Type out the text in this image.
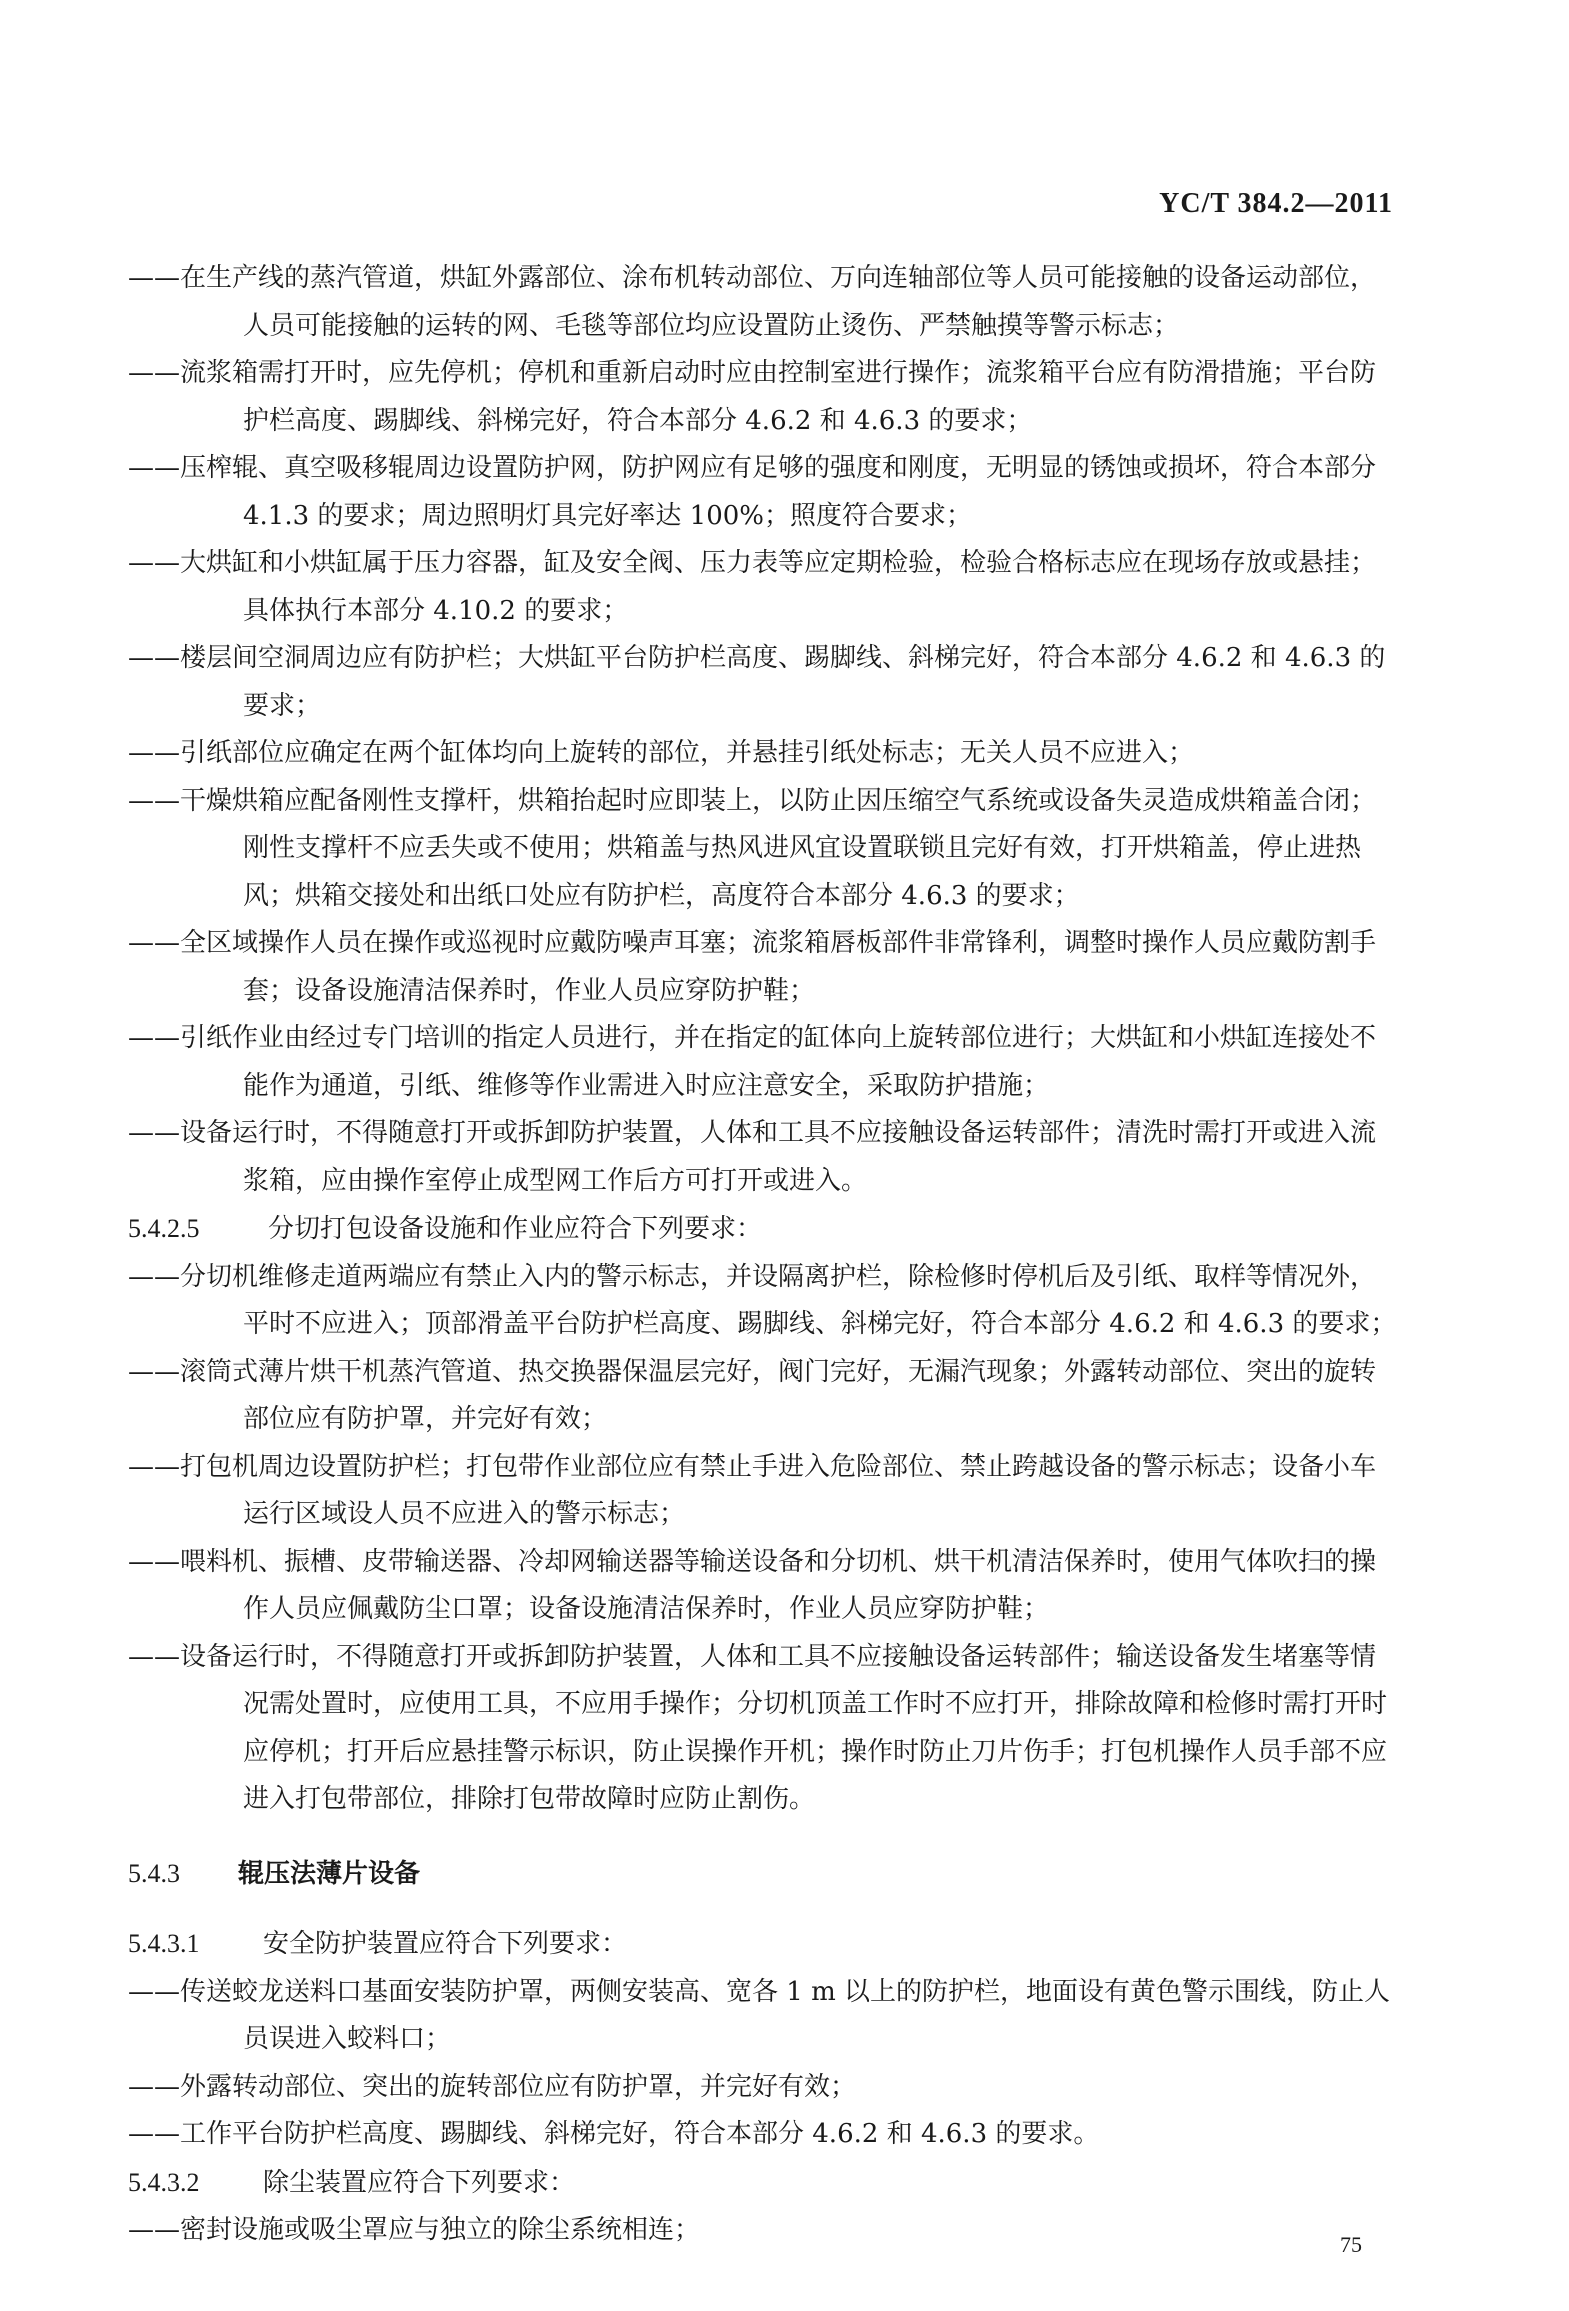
YC/T 384.2—2011

——在生产线的蒸汽管道，烘缸外露部位、涂布机转动部位、万向连轴部位等人员可能接触的设备运动部位，人员可能接触的运转的网、毛毯等部位均应设置防止烫伤、严禁触摸等警示标志；

——流浆箱需打开时，应先停机；停机和重新启动时应由控制室进行操作；流浆箱平台应有防滑措施；平台防护栏高度、踢脚线、斜梯完好，符合本部分 4.6.2 和 4.6.3 的要求；

——压榨辊、真空吸移辊周边设置防护网，防护网应有足够的强度和刚度，无明显的锈蚀或损坏，符合本部分 4.1.3 的要求；周边照明灯具完好率达 100%；照度符合要求；

——大烘缸和小烘缸属于压力容器，缸及安全阀、压力表等应定期检验，检验合格标志应在现场存放或悬挂；具体执行本部分 4.10.2 的要求；

——楼层间空洞周边应有防护栏；大烘缸平台防护栏高度、踢脚线、斜梯完好，符合本部分 4.6.2 和 4.6.3 的要求；

——引纸部位应确定在两个缸体均向上旋转的部位，并悬挂引纸处标志；无关人员不应进入；

——干燥烘箱应配备刚性支撑杆，烘箱抬起时应即装上，以防止因压缩空气系统或设备失灵造成烘箱盖合闭；刚性支撑杆不应丢失或不使用；烘箱盖与热风进风宜设置联锁且完好有效，打开烘箱盖，停止进热风；烘箱交接处和出纸口处应有防护栏，高度符合本部分 4.6.3 的要求；

——全区域操作人员在操作或巡视时应戴防噪声耳塞；流浆箱唇板部件非常锋利，调整时操作人员应戴防割手套；设备设施清洁保养时，作业人员应穿防护鞋；

——引纸作业由经过专门培训的指定人员进行，并在指定的缸体向上旋转部位进行；大烘缸和小烘缸连接处不能作为通道，引纸、维修等作业需进入时应注意安全，采取防护措施；

——设备运行时，不得随意打开或拆卸防护装置，人体和工具不应接触设备运转部件；清洗时需打开或进入流浆箱，应由操作室停止成型网工作后方可打开或进入。

5.4.2.5	分切打包设备设施和作业应符合下列要求：

——分切机维修走道两端应有禁止入内的警示标志，并设隔离护栏，除检修时停机后及引纸、取样等情况外，平时不应进入；顶部滑盖平台防护栏高度、踢脚线、斜梯完好，符合本部分 4.6.2 和 4.6.3 的要求；

——滚筒式薄片烘干机蒸汽管道、热交换器保温层完好，阀门完好，无漏汽现象；外露转动部位、突出的旋转部位应有防护罩，并完好有效；

——打包机周边设置防护栏；打包带作业部位应有禁止手进入危险部位、禁止跨越设备的警示标志；设备小车运行区域设人员不应进入的警示标志；

——喂料机、振槽、皮带输送器、冷却网输送器等输送设备和分切机、烘干机清洁保养时，使用气体吹扫的操作人员应佩戴防尘口罩；设备设施清洁保养时，作业人员应穿防护鞋；

——设备运行时，不得随意打开或拆卸防护装置，人体和工具不应接触设备运转部件；输送设备发生堵塞等情况需处置时，应使用工具，不应用手操作；分切机顶盖工作时不应打开，排除故障和检修时需打开时应停机；打开后应悬挂警示标识，防止误操作开机；操作时防止刀片伤手；打包机操作人员手部不应进入打包带部位，排除打包带故障时应防止割伤。

5.4.3 辊压法薄片设备

5.4.3.1 安全防护装置应符合下列要求：

——传送蛟龙送料口基面安装防护罩，两侧安装高、宽各 1 m 以上的防护栏，地面设有黄色警示围线，防止人员误进入蛟料口；

——外露转动部位、突出的旋转部位应有防护罩，并完好有效；

——工作平台防护栏高度、踢脚线、斜梯完好，符合本部分 4.6.2 和 4.6.3 的要求。

5.4.3.2 除尘装置应符合下列要求：

——密封设施或吸尘罩应与独立的除尘系统相连；	75
